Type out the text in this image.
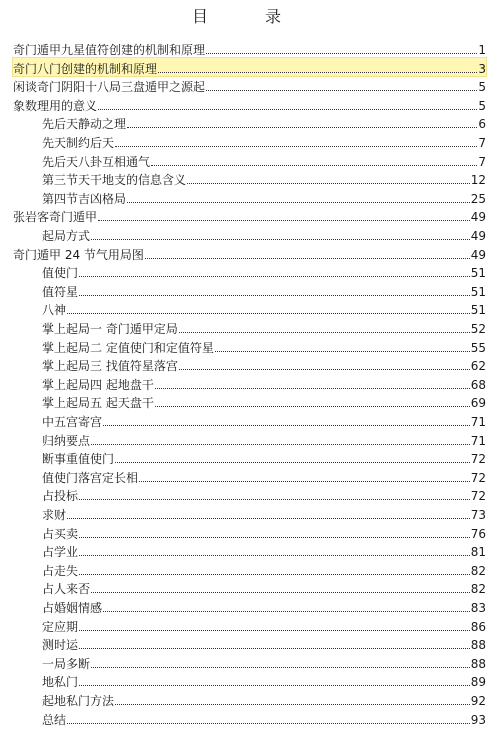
目 录
奇门遁甲九星值符创建的机制和原理	1
奇门八门创建的机制和原理	3
闲谈奇门阴阳十八局三盘遁甲之源起	5
象数理用的意义	5
先后天静动之理	6
先天制约后天	7
先后天八卦互相通气	7
第三节天干地支的信息含义	12
第四节吉凶格局	25
张岩客奇门遁甲	49
起局方式	49
奇门遁甲 24 节气用局图	49
值使门	51
值符星	51
八神	51
掌上起局一 奇门遁甲定局	52
掌上起局二 定值使门和定值符星	55
掌上起局三 找值符星落宫	62
掌上起局四 起地盘干	68
掌上起局五 起天盘干	69
中五宫寄宫	71
归纳要点	71
断事重值使门	72
值使门落宫定长相	72
占投标	72
求财	73
占买卖	76
占学业	81
占走失	82
占人来否	82
占婚姻情感	83
定应期	86
测时运	88
一局多断	88
地私门	89
起地私门方法	92
总结	93
